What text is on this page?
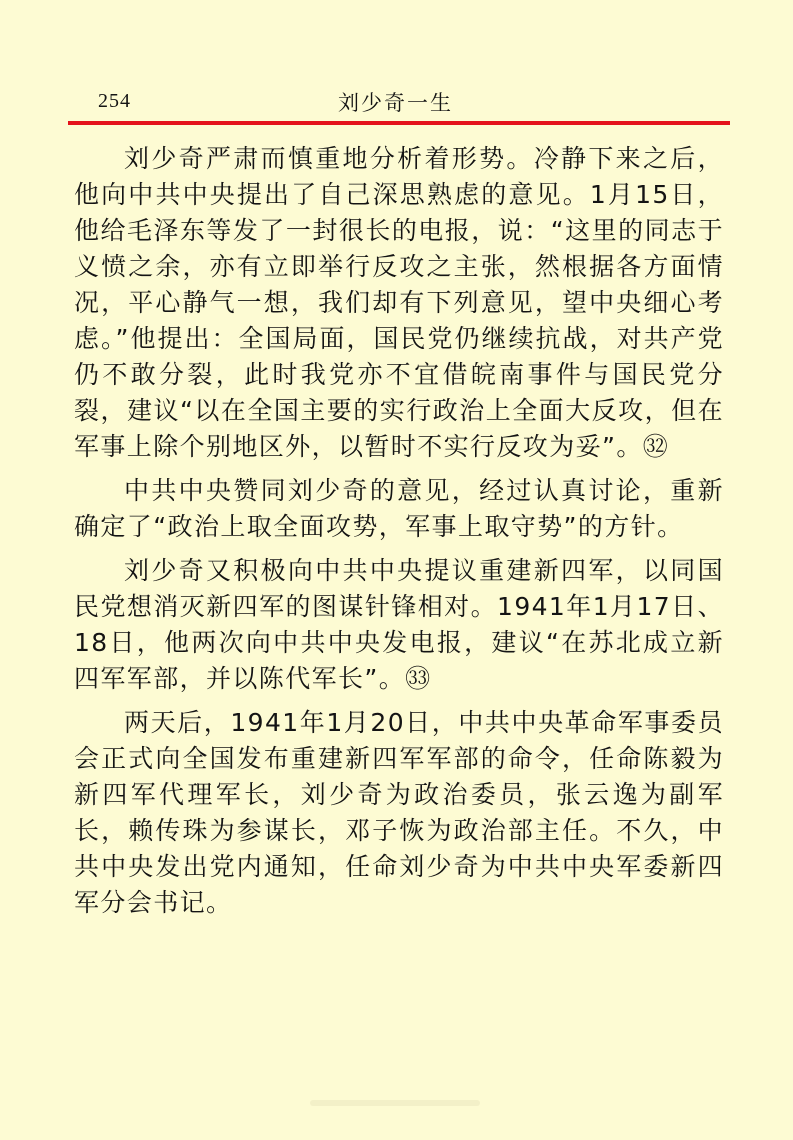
254	刘少奇一生

刘少奇严肃而慎重地分析着形势。冷静下来之后，他向中共中央提出了自己深思熟虑的意见。1月15日，他给毛泽东等发了一封很长的电报，说：“这里的同志于义愤之余，亦有立即举行反攻之主张，然根据各方面情况，平心静气一想，我们却有下列意见，望中央细心考虑。”他提出：全国局面，国民党仍继续抗战，对共产党仍不敢分裂，此时我党亦不宜借皖南事件与国民党分裂，建议“以在全国主要的实行政治上全面大反攻，但在军事上除个别地区外，以暂时不实行反攻为妥”。㉜

中共中央赞同刘少奇的意见，经过认真讨论，重新确定了“政治上取全面攻势，军事上取守势”的方针。

刘少奇又积极向中共中央提议重建新四军，以同国民党想消灭新四军的图谋针锋相对。1941年1月17日、18日，他两次向中共中央发电报，建议“在苏北成立新四军军部，并以陈代军长”。㉝

两天后，1941年1月20日，中共中央革命军事委员会正式向全国发布重建新四军军部的命令，任命陈毅为新四军代理军长，刘少奇为政治委员，张云逸为副军长，赖传珠为参谋长，邓子恢为政治部主任。不久，中共中央发出党内通知，任命刘少奇为中共中央军委新四军分会书记。
